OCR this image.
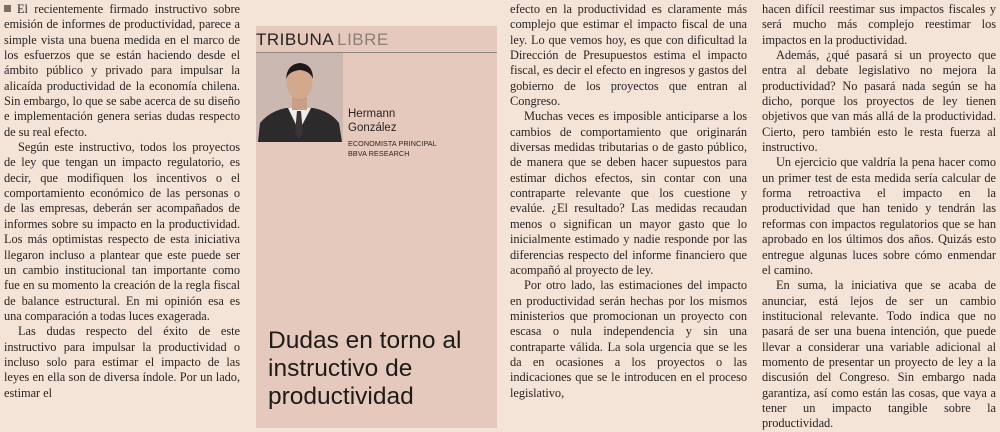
El recientemente firmado instructivo sobre emisión de informes de productividad, parece a simple vista una buena medida en el marco de los esfuerzos que se están haciendo desde el ámbito público y privado para impulsar la alicaída productividad de la economía chilena. Sin embargo, lo que se sabe acerca de su diseño e implementación genera serias dudas respecto de su real efecto.

Según este instructivo, todos los proyectos de ley que tengan un impacto regulatorio, es decir, que modifiquen los incentivos o el comportamiento económico de las personas o de las empresas, deberán ser acompañados de informes sobre su impacto en la productividad. Los más optimistas respecto de esta iniciativa llegaron incluso a plantear que este puede ser un cambio institucional tan importante como fue en su momento la creación de la regla fiscal de balance estructural. En mi opinión esa es una comparación a todas luces exagerada.

Las dudas respecto del éxito de este instructivo para impulsar la productividad o incluso solo para estimar el impacto de las leyes en ella son de diversa índole. Por un lado, estimar el

TRIBUNA LIBRE
Hermann
González
ECONOMISTA PRINCIPAL
BBVA RESEARCH
Dudas en torno al instructivo de productividad

efecto en la productividad es claramente más complejo que estimar el impacto fiscal de una ley. Lo que vemos hoy, es que con dificultad la Dirección de Presupuestos estima el impacto fiscal, es decir el efecto en ingresos y gastos del gobierno de los proyectos que entran al Congreso.

Muchas veces es imposible anticiparse a los cambios de comportamiento que originarán diversas medidas tributarias o de gasto público, de manera que se deben hacer supuestos para estimar dichos efectos, sin contar con una contraparte relevante que los cuestione y evalúe. ¿El resultado? Las medidas recaudan menos o significan un mayor gasto que lo inicialmente estimado y nadie responde por las diferencias respecto del informe financiero que acompañó al proyecto de ley.

Por otro lado, las estimaciones del impacto en productividad serán hechas por los mismos ministerios que promocionan un proyecto con escasa o nula independencia y sin una contraparte válida. La sola urgencia que se les da en ocasiones a los proyectos o las indicaciones que se le introducen en el proceso legislativo,

hacen difícil reestimar sus impactos fiscales y será mucho más complejo reestimar los impactos en la productividad.

Además, ¿qué pasará si un proyecto que entra al debate legislativo no mejora la productividad? No pasará nada según se ha dicho, porque los proyectos de ley tienen objetivos que van más allá de la productividad. Cierto, pero también esto le resta fuerza al instructivo.

Un ejercicio que valdría la pena hacer como un primer test de esta medida sería calcular de forma retroactiva el impacto en la productividad que han tenido y tendrán las reformas con impactos regulatorios que se han aprobado en los últimos dos años. Quizás esto entregue algunas luces sobre cómo enmendar el camino.

En suma, la iniciativa que se acaba de anunciar, está lejos de ser un cambio institucional relevante. Todo indica que no pasará de ser una buena intención, que puede llevar a considerar una variable adicional al momento de presentar un proyecto de ley a la discusión del Congreso. Sin embargo nada garantiza, así como están las cosas, que vaya a tener un impacto tangible sobre la productividad.
